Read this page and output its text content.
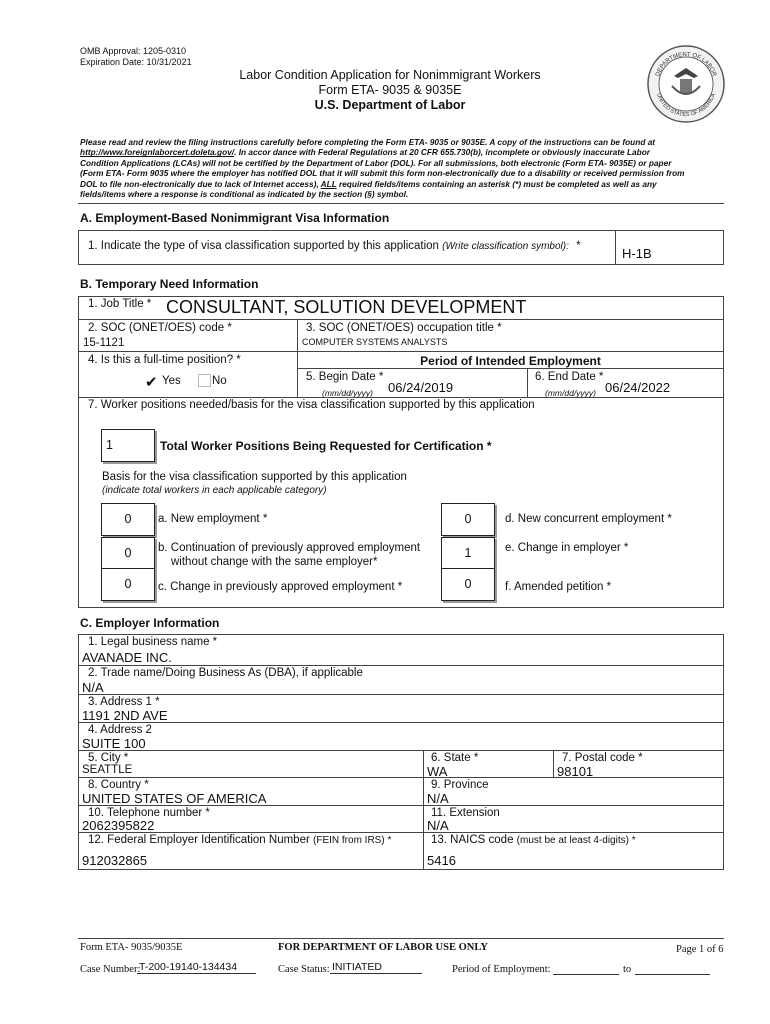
OMB Approval: 1205-0310
Expiration Date: 10/31/2021
Labor Condition Application for Nonimmigrant Workers
Form ETA- 9035 & 9035E
U.S. Department of Labor
DEPARTMENT OF LABOR
UNITED STATES OF AMERICA
Please read and review the filing instructions carefully before completing the Form ETA- 9035 or 9035E. A copy of the instructions can be found at
http://www.foreignlaborcert.doleta.gov/. In accor dance with Federal Regulations at 20 CFR 655.730(b), incomplete or obviously inaccurate Labor
Condition Applications (LCAs) will not be certified by the Department of Labor (DOL). For all submissions, both electronic (Form ETA- 9035E) or paper
(Form ETA- Form 9035 where the employer has notified DOL that it will submit this form non-electronically due to a disability or received permission from
DOL to file non-electronically due to lack of Internet access), ALL required fields/items containing an asterisk (*) must be completed as well as any
fields/items where a response is conditional as indicated by the section (§) symbol.
A. Employment-Based Nonimmigrant Visa Information
1. Indicate the type of visa classification supported by this application (Write classification symbol): *	H-1B
B. Temporary Need Information
1. Job Title * CONSULTANT, SOLUTION DEVELOPMENT
2. SOC (ONET/OES) code *
15-1121
3. SOC (ONET/OES) occupation title *
COMPUTER SYSTEMS ANALYSTS
4. Is this a full-time position? *	Period of Intended Employment
✔ Yes	No	5. Begin Date *
(mm/dd/yyyy) 06/24/2019
6. End Date *
(mm/dd/yyyy) 06/24/2022
7. Worker positions needed/basis for the visa classification supported by this application
1	Total Worker Positions Being Requested for Certification *
Basis for the visa classification supported by this application
(indicate total workers in each applicable category)
0	a. New employment *	0	d. New concurrent employment *
0	b. Continuation of previously approved employment
without change with the same employer*
1	e. Change in employer *
0	c. Change in previously approved employment *	0	f. Amended petition *
C. Employer Information
1. Legal business name *
AVANADE INC.
2. Trade name/Doing Business As (DBA), if applicable
N/A
3. Address 1 *
1191 2ND AVE
4. Address 2
SUITE 100
5. City *
SEATTLE
6. State *
WA
7. Postal code *
98101
8. Country *
UNITED STATES OF AMERICA
9. Province
N/A
10. Telephone number *
2062395822
11. Extension
N/A
12. Federal Employer Identification Number (FEIN from IRS) *
912032865
13. NAICS code (must be at least 4-digits) *
5416
Form ETA- 9035/9035E	FOR DEPARTMENT OF LABOR USE ONLY	Page 1 of 6
Case Number:
T-200-19140-134434	Case Status: INITIATED	Period of Employment:	to
